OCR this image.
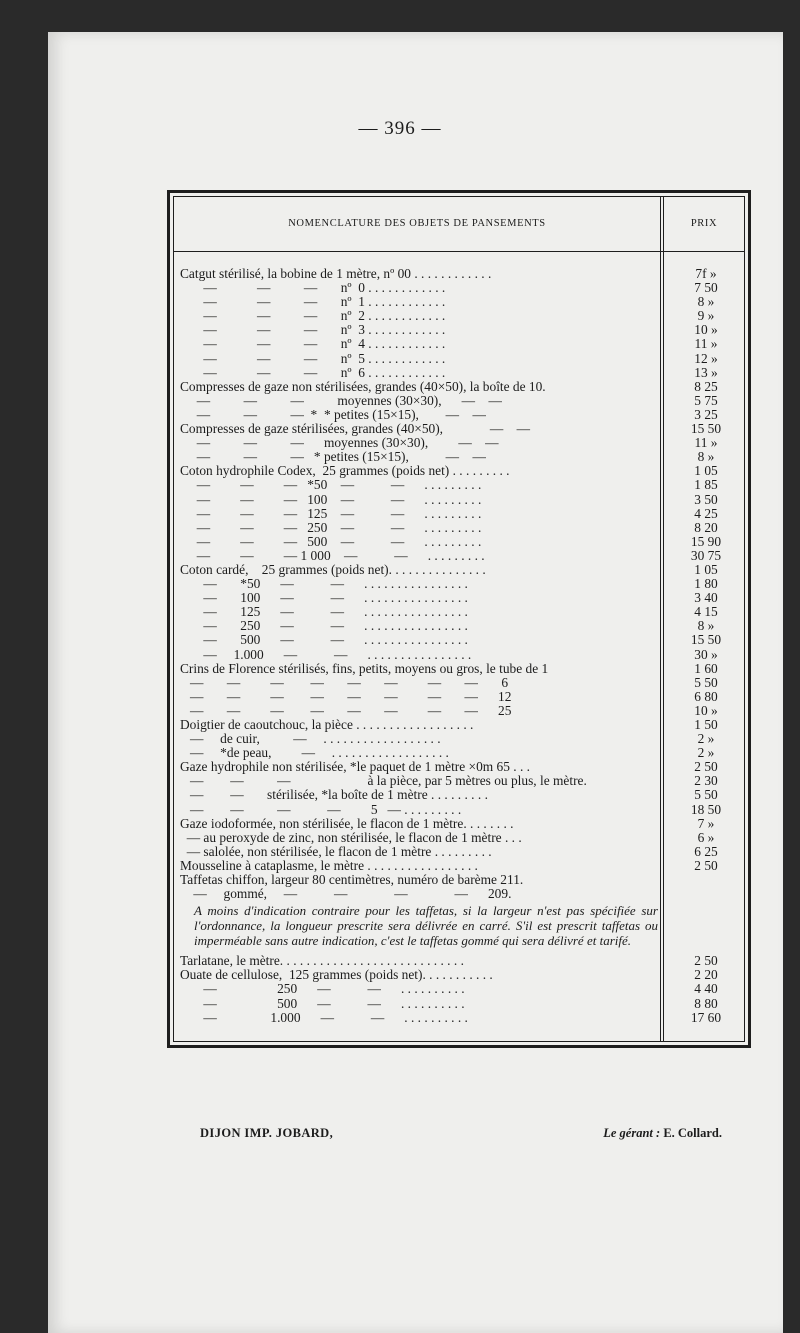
— 396 —
NOMENCLATURE DES OBJETS DE PANSEMENTS	PRIX
Catgut stérilisé, la bobine de 1 mètre, nº 00 . . . . . . . . . . . .	7f »
—            —          —       nº  0 . . . . . . . . . . . .	7 50
—            —          —       nº  1 . . . . . . . . . . . .	8 »
—            —          —       nº  2 . . . . . . . . . . . .	9 »
—            —          —       nº  3 . . . . . . . . . . . .	10 »
—            —          —       nº  4 . . . . . . . . . . . .	11 »
—            —          —       nº  5 . . . . . . . . . . . .	12 »
—            —          —       nº  6 . . . . . . . . . . . .	13 »
Compresses de gaze non stérilisées, grandes (40×50), la boîte de 10.	8 25
—          —          —          moyennes (30×30),      —    —	5 75
—          —          —  *  * petites (15×15),        —    —	3 25
Compresses de gaze stérilisées, grandes (40×50),              —    —	15 50
—          —          —      moyennes (30×30),         —    —	11 »
—          —          —   * petites (15×15),           —    —	8 »
Coton hydrophile Codex,  25 grammes (poids net) . . . . . . . . .	1 05
—         —         —   *50    —           —      . . . . . . . . .	1 85
—         —         —   100    —           —      . . . . . . . . .	3 50
—         —         —   125    —           —      . . . . . . . . .	4 25
—         —         —   250    —           —      . . . . . . . . .	8 20
—         —         —   500    —           —      . . . . . . . . .	15 90
—         —         — 1 000    —           —      . . . . . . . . .	30 75
Coton cardé,    25 grammes (poids net). . . . . . . . . . . . . . .	1 05
—       *50      —           —      . . . . . . . . . . . . . . . .	1 80
—       100      —           —      . . . . . . . . . . . . . . . .	3 40
—       125      —           —      . . . . . . . . . . . . . . . .	4 15
—       250      —           —      . . . . . . . . . . . . . . . .	8 »
—       500      —           —      . . . . . . . . . . . . . . . .	15 50
—     1.000      —           —      . . . . . . . . . . . . . . . .	30 »
Crins de Florence stérilisés, fins, petits, moyens ou gros, le tube de 1	1 60
—       —         —        —       —       —         —       —       6	5 50
—       —         —        —       —       —         —       —      12	6 80
—       —         —        —       —       —         —       —      25	10 »
Doigtier de caoutchouc, la pièce . . . . . . . . . . . . . . . . . .	1 50
—     de cuir,          —     . . . . . . . . . . . . . . . . . .	2 »
—     *de peau,         —     . . . . . . . . . . . . . . . . . .	2 »
Gaze hydrophile non stérilisée, *le paquet de 1 mètre ×0m 65 . . .	2 50
—        —          —                       à la pièce, par 5 mètres ou plus, le mètre.	2 30
—        —       stérilisée, *la boîte de 1 mètre . . . . . . . . .	5 50
—        —          —           —         5   — . . . . . . . . .	18 50
Gaze iodoformée, non stérilisée, le flacon de 1 mètre. . . . . . . .	7 »
— au peroxyde de zinc, non stérilisée, le flacon de 1 mètre . . .	6 »
— salolée, non stérilisée, le flacon de 1 mètre . . . . . . . . .	6 25
Mousseline à cataplasme, le mètre . . . . . . . . . . . . . . . . .	2 50
Taffetas chiffon, largeur 80 centimètres, numéro de barème 211.
—     gommé,     —           —              —              —      209.
A moins d'indication contraire pour les taffetas, si la largeur n'est pas spécifiée sur l'ordonnance, la longueur prescrite sera délivrée en carré. S'il est prescrit taffetas ou imperméable sans autre indication, c'est le taffetas gommé qui sera délivré et tarifé.
Tarlatane, le mètre. . . . . . . . . . . . . . . . . . . . . . . . . . . .	2 50
Ouate de cellulose,  125 grammes (poids net). . . . . . . . . . .	2 20
—                  250      —           —      . . . . . . . . . .	4 40
—                  500      —           —      . . . . . . . . . .	8 80
—                1.000      —           —      . . . . . . . . . .	17 60
DIJON IMP. JOBARD,	Le gérant : E. Collard.
